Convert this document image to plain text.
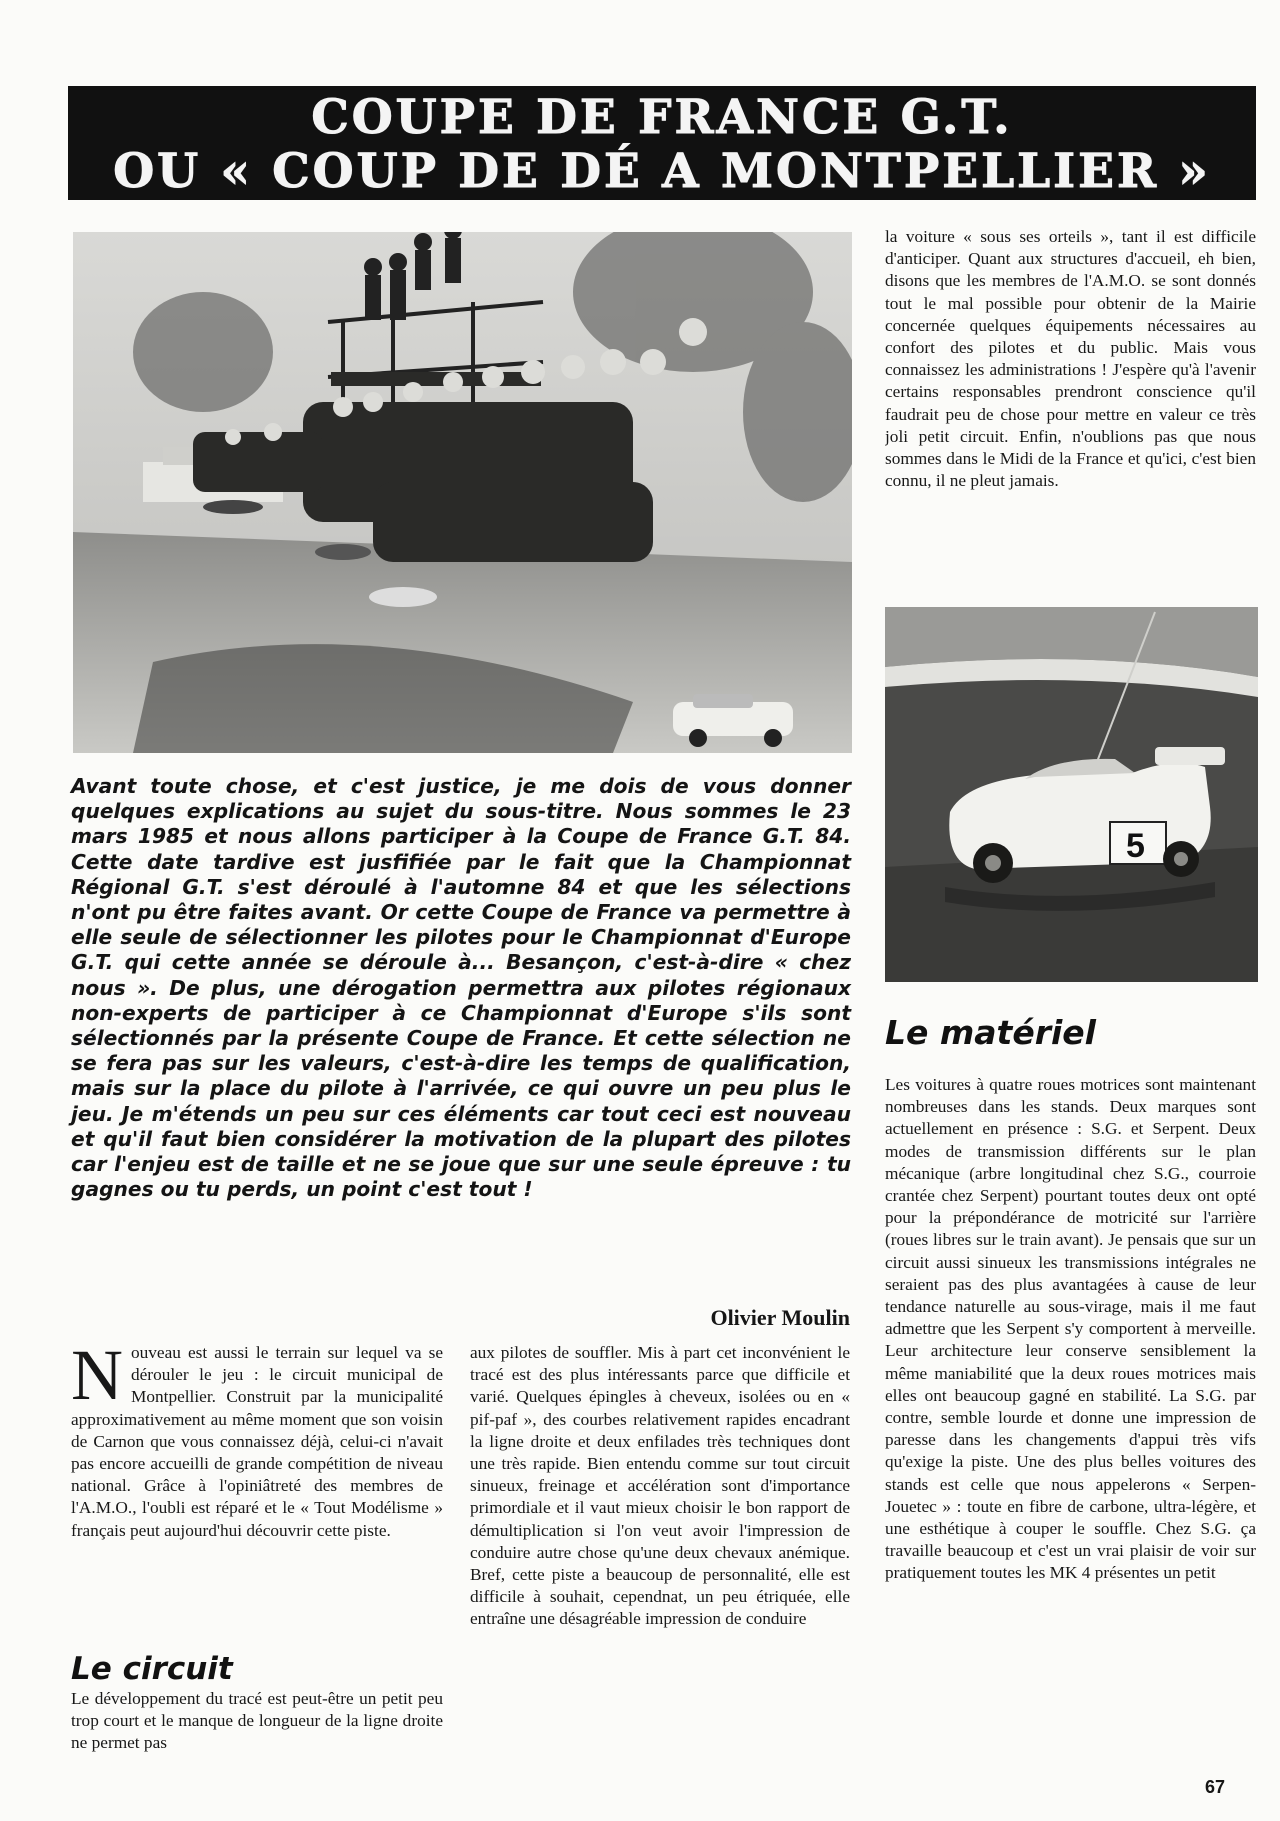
COUPE DE FRANCE G.T.
OU « COUP DE DÉ A MONTPELLIER »
5

Avant toute chose, et c'est justice, je me dois de vous donner quelques explications au sujet du sous-titre. Nous sommes le 23 mars 1985 et nous allons participer à la Coupe de France G.T. 84. Cette date tardive est jusfifiée par le fait que la Championnat Régional G.T. s'est déroulé à l'automne 84 et que les sélections n'ont pu être faites avant. Or cette Coupe de France va permettre à elle seule de sélectionner les pilotes pour le Championnat d'Europe G.T. qui cette année se déroule à... Besançon, c'est-à-dire « chez nous ». De plus, une dérogation permettra aux pilotes régionaux non-experts de participer à ce Championnat d'Europe s'ils sont sélectionnés par la présente Coupe de France. Et cette sélection ne se fera pas sur les valeurs, c'est-à-dire les temps de qualification, mais sur la place du pilote à l'arrivée, ce qui ouvre un peu plus le jeu. Je m'étends un peu sur ces éléments car tout ceci est nouveau et qu'il faut bien considérer la motivation de la plupart des pilotes car l'enjeu est de taille et ne se joue que sur une seule épreuve : tu gagnes ou tu perds, un point c'est tout !

Olivier Moulin

Nouveau est aussi le terrain sur lequel va se dérouler le jeu : le circuit municipal de Montpellier. Construit par la municipalité approximativement au même moment que son voisin de Carnon que vous connaissez déjà, celui-ci n'avait pas encore accueilli de grande compétition de niveau national. Grâce à l'opiniâtreté des membres de l'A.M.O., l'oubli est réparé et le « Tout Modélisme » français peut aujourd'hui découvrir cette piste.

Le circuit

Le développement du tracé est peut-être un petit peu trop court et le manque de longueur de la ligne droite ne permet pas

aux pilotes de souffler. Mis à part cet inconvénient le tracé est des plus intéressants parce que difficile et varié. Quelques épingles à cheveux, isolées ou en « pif-paf », des courbes relativement rapides encadrant la ligne droite et deux enfilades très techniques dont une très rapide. Bien entendu comme sur tout circuit sinueux, freinage et accélération sont d'importance primordiale et il vaut mieux choisir le bon rapport de démultiplication si l'on veut avoir l'impression de conduire autre chose qu'une deux chevaux anémique. Bref, cette piste a beaucoup de personnalité, elle est difficile à souhait, cependnat, un peu étriquée, elle entraîne une désagréable impression de conduire

la voiture « sous ses orteils », tant il est difficile d'anticiper. Quant aux structures d'accueil, eh bien, disons que les membres de l'A.M.O. se sont donnés tout le mal possible pour obtenir de la Mairie concernée quelques équipements nécessaires au confort des pilotes et du public. Mais vous connaissez les administrations ! J'espère qu'à l'avenir certains responsables prendront conscience qu'il faudrait peu de chose pour mettre en valeur ce très joli petit circuit. Enfin, n'oublions pas que nous sommes dans le Midi de la France et qu'ici, c'est bien connu, il ne pleut jamais.

Le matériel

Les voitures à quatre roues motrices sont maintenant nombreuses dans les stands. Deux marques sont actuellement en présence : S.G. et Serpent. Deux modes de transmission différents sur le plan mécanique (arbre longitudinal chez S.G., courroie crantée chez Serpent) pourtant toutes deux ont opté pour la prépondérance de motricité sur l'arrière (roues libres sur le train avant). Je pensais que sur un circuit aussi sinueux les transmissions intégrales ne seraient pas des plus avantagées à cause de leur tendance naturelle au sous-virage, mais il me faut admettre que les Serpent s'y comportent à merveille. Leur architecture leur conserve sensiblement la même maniabilité que la deux roues motrices mais elles ont beaucoup gagné en stabilité. La S.G. par contre, semble lourde et donne une impression de paresse dans les changements d'appui très vifs qu'exige la piste. Une des plus belles voitures des stands est celle que nous appelerons « Serpen-Jouetec » : toute en fibre de carbone, ultra-légère, et une esthétique à couper le souffle. Chez S.G. ça travaille beaucoup et c'est un vrai plaisir de voir sur pratiquement toutes les MK 4 présentes un petit

67
